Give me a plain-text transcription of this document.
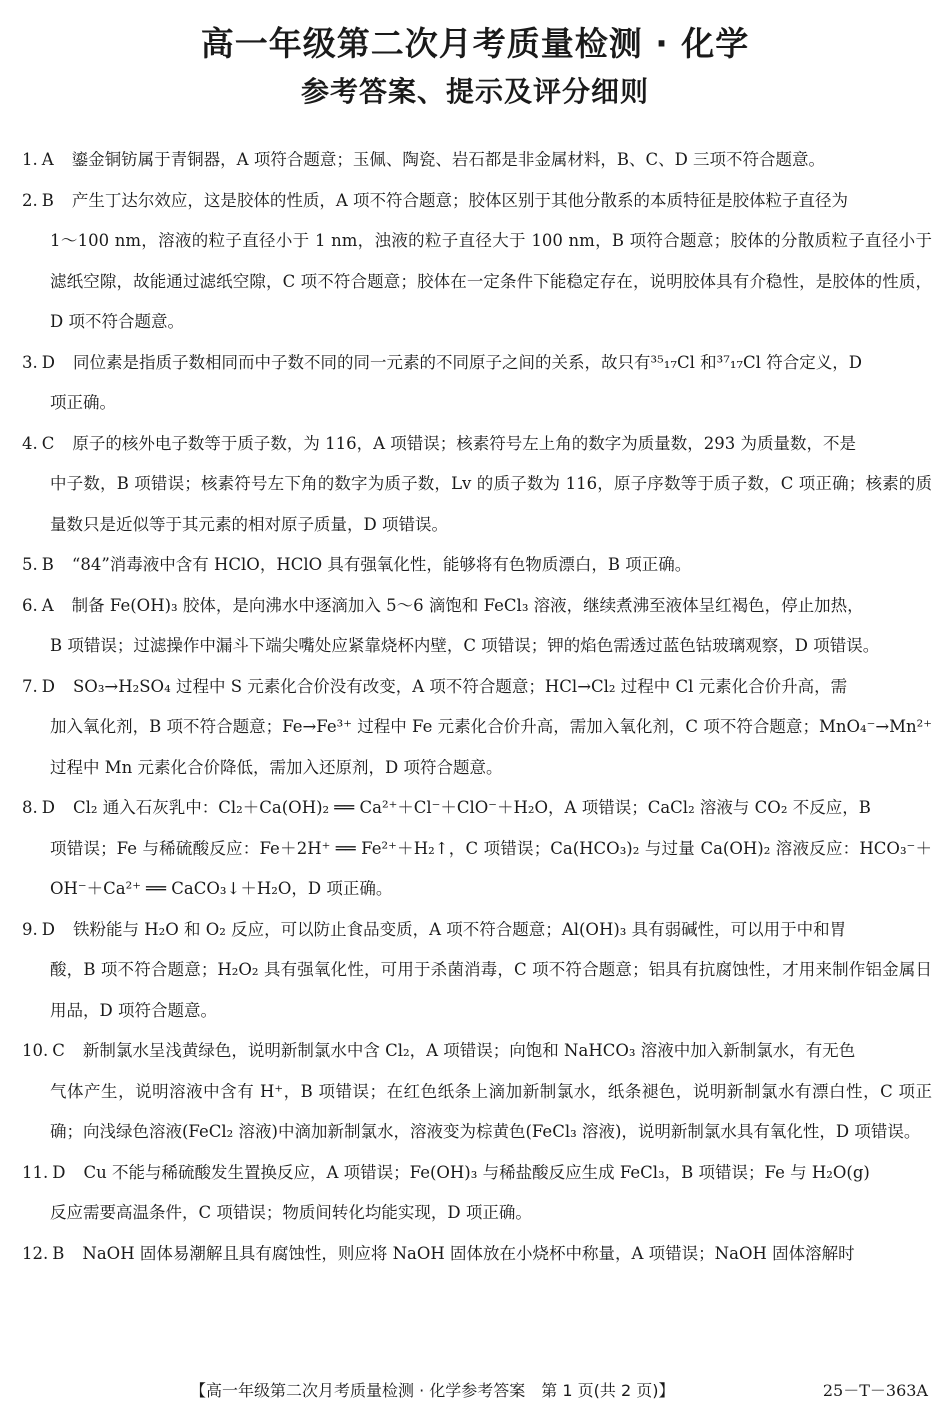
高一年级第二次月考质量检测 · 化学
参考答案、提示及评分细则
1. A 鎏金铜钫属于青铜器，A 项符合题意；玉佩、陶瓷、岩石都是非金属材料，B、C、D 三项不符合题意。
2. B 产生丁达尔效应，这是胶体的性质，A 项不符合题意；胶体区别于其他分散系的本质特征是胶体粒子直径为
1～100 nm，溶液的粒子直径小于 1 nm，浊液的粒子直径大于 100 nm，B 项符合题意；胶体的分散质粒子直径小于滤纸空隙，故能通过滤纸空隙，C 项不符合题意；胶体在一定条件下能稳定存在，说明胶体具有介稳性，是胶体的性质，D 项不符合题意。
3. D 同位素是指质子数相同而中子数不同的同一元素的不同原子之间的关系，故只有³⁵₁₇Cl 和³⁷₁₇Cl 符合定义，D
项正确。
4. C 原子的核外电子数等于质子数，为 116，A 项错误；核素符号左上角的数字为质量数，293 为质量数，不是
中子数，B 项错误；核素符号左下角的数字为质子数，Lv 的质子数为 116，原子序数等于质子数，C 项正确；核素的质量数只是近似等于其元素的相对原子质量，D 项错误。
5. B “84”消毒液中含有 HClO，HClO 具有强氧化性，能够将有色物质漂白，B 项正确。
6. A 制备 Fe(OH)₃ 胶体，是向沸水中逐滴加入 5～6 滴饱和 FeCl₃ 溶液，继续煮沸至液体呈红褐色，停止加热，
B 项错误；过滤操作中漏斗下端尖嘴处应紧靠烧杯内壁，C 项错误；钾的焰色需透过蓝色钴玻璃观察，D 项错误。
7. D SO₃→H₂SO₄ 过程中 S 元素化合价没有改变，A 项不符合题意；HCl→Cl₂ 过程中 Cl 元素化合价升高，需
加入氧化剂，B 项不符合题意；Fe→Fe³⁺ 过程中 Fe 元素化合价升高，需加入氧化剂，C 项不符合题意；MnO₄⁻→Mn²⁺ 过程中 Mn 元素化合价降低，需加入还原剂，D 项符合题意。
8. D Cl₂ 通入石灰乳中：Cl₂＋Ca(OH)₂ ══ Ca²⁺＋Cl⁻＋ClO⁻＋H₂O，A 项错误；CaCl₂ 溶液与 CO₂ 不反应，B
项错误；Fe 与稀硫酸反应：Fe＋2H⁺ ══ Fe²⁺＋H₂↑，C 项错误；Ca(HCO₃)₂ 与过量 Ca(OH)₂ 溶液反应：HCO₃⁻＋OH⁻＋Ca²⁺ ══ CaCO₃↓＋H₂O，D 项正确。
9. D 铁粉能与 H₂O 和 O₂ 反应，可以防止食品变质，A 项不符合题意；Al(OH)₃ 具有弱碱性，可以用于中和胃
酸，B 项不符合题意；H₂O₂ 具有强氧化性，可用于杀菌消毒，C 项不符合题意；铝具有抗腐蚀性，才用来制作铝金属日用品，D 项符合题意。
10. C 新制氯水呈浅黄绿色，说明新制氯水中含 Cl₂，A 项错误；向饱和 NaHCO₃ 溶液中加入新制氯水，有无色
气体产生，说明溶液中含有 H⁺，B 项错误；在红色纸条上滴加新制氯水，纸条褪色，说明新制氯水有漂白性，C 项正确；向浅绿色溶液(FeCl₂ 溶液)中滴加新制氯水，溶液变为棕黄色(FeCl₃ 溶液)，说明新制氯水具有氧化性，D 项错误。
11. D Cu 不能与稀硫酸发生置换反应，A 项错误；Fe(OH)₃ 与稀盐酸反应生成 FeCl₃，B 项错误；Fe 与 H₂O(g)
反应需要高温条件，C 项错误；物质间转化均能实现，D 项正确。
12. B NaOH 固体易潮解且具有腐蚀性，则应将 NaOH 固体放在小烧杯中称量，A 项错误；NaOH 固体溶解时
【高一年级第二次月考质量检测 · 化学参考答案　第 1 页(共 2 页)】	25－T－363A
